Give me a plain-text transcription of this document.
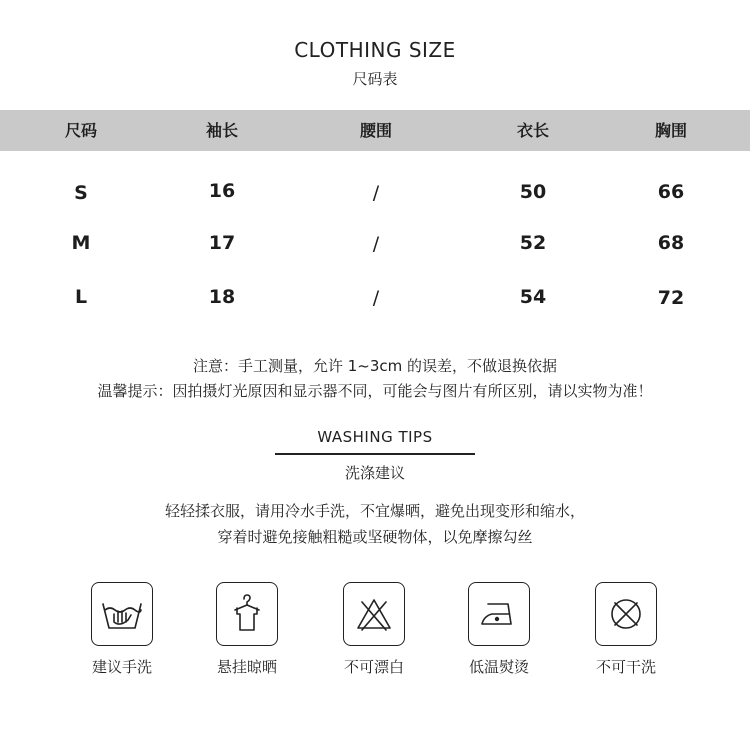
CLOTHING SIZE
尺码表
尺码	袖长	腰围	衣长	胸围
S	16	/	50	66
M	17	/	52	68
L	18	/	54	72
注意：手工测量，允许 1~3cm 的误差，不做退换依据
温馨提示：因拍摄灯光原因和显示器不同，可能会与图片有所区别，请以实物为准！
WASHING TIPS
洗涤建议
轻轻揉衣服，请用冷水手洗，不宜爆晒，避免出现变形和缩水，
穿着时避免接触粗糙或坚硬物体，以免摩擦勾丝
建议手洗	悬挂晾晒	不可漂白	低温熨烫	不可干洗
